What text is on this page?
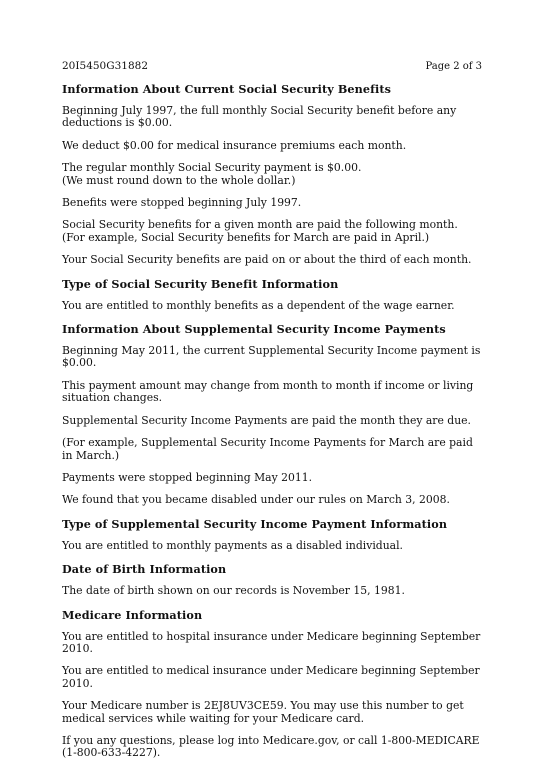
20I5450G31882	Page 2 of 3
Information About Current Social Security Benefits

Beginning July 1997, the full monthly Social Security benefit before any deductions is $0.00.

We deduct $0.00 for medical insurance premiums each month.

The regular monthly Social Security payment is $0.00.
(We must round down to the whole dollar.)

Benefits were stopped beginning July 1997.

Social Security benefits for a given month are paid the following month. (For example, Social Security benefits for March are paid in April.)

Your Social Security benefits are paid on or about the third of each month.

Type of Social Security Benefit Information

You are entitled to monthly benefits as a dependent of the wage earner.

Information About Supplemental Security Income Payments

Beginning May 2011, the current Supplemental Security Income payment is $0.00.

This payment amount may change from month to month if income or living situation changes.

Supplemental Security Income Payments are paid the month they are due.

(For example, Supplemental Security Income Payments for March are paid in March.)

Payments were stopped beginning May 2011.

We found that you became disabled under our rules on March 3, 2008.

Type of Supplemental Security Income Payment Information

You are entitled to monthly payments as a disabled individual.

Date of Birth Information

The date of birth shown on our records is November 15, 1981.

Medicare Information

You are entitled to hospital insurance under Medicare beginning September 2010.

You are entitled to medical insurance under Medicare beginning September 2010.

Your Medicare number is 2EJ8UV3CE59. You may use this number to get medical services while waiting for your Medicare card.

If you any questions, please log into Medicare.gov, or call 1-800-MEDICARE
(1-800-633-4227).
